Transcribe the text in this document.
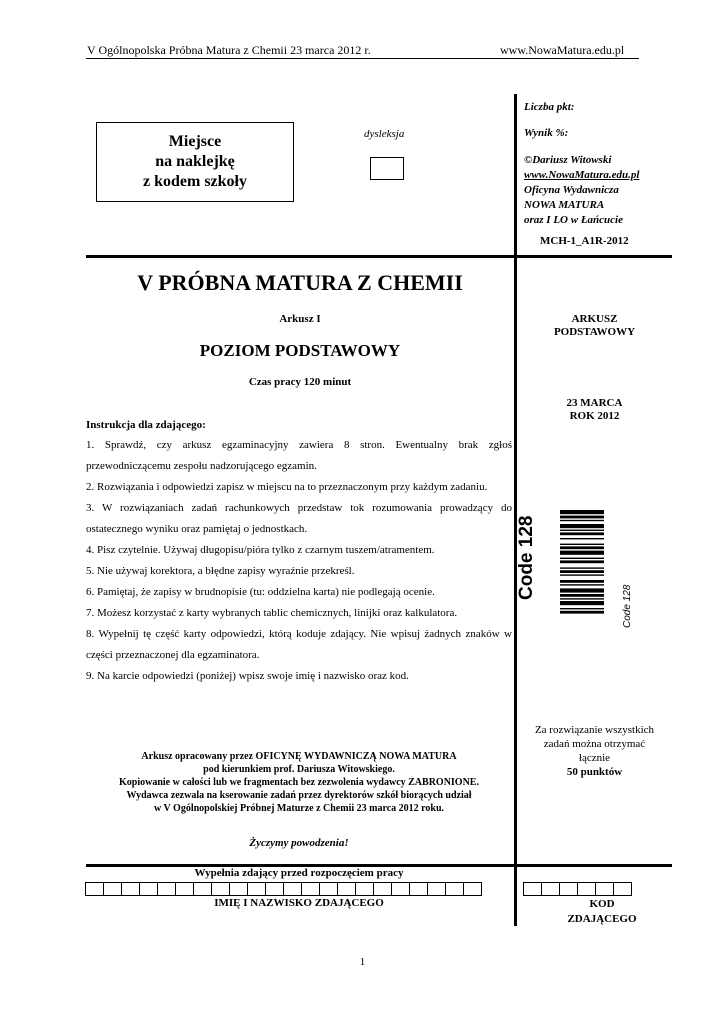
V Ogólnopolska Próbna Matura z Chemii 23 marca 2012 r.	www.NowaMatura.edu.pl
Miejsce
na naklejkę
z kodem szkoły
dysleksja
Liczba pkt:
Wynik %:
©Dariusz Witowski
www.NowaMatura.edu.pl
Oficyna Wydawnicza
NOWA MATURA
oraz I LO w Łańcucie
MCH-1_A1R-2012
V PRÓBNA MATURA Z CHEMII
Arkusz I
POZIOM PODSTAWOWY
Czas pracy 120 minut
ARKUSZ
PODSTAWOWY
23 MARCA
ROK 2012
Instrukcja dla zdającego:

1. Sprawdź, czy arkusz egzaminacyjny zawiera 8 stron. Ewentualny brak zgłoś przewodniczącemu zespołu nadzorującego egzamin.

2. Rozwiązania i odpowiedzi zapisz w miejscu na to przeznaczonym przy każdym zadaniu.

3. W rozwiązaniach zadań rachunkowych przedstaw tok rozumowania prowadzący do ostatecznego wyniku oraz pamiętaj o jednostkach.

4. Pisz czytelnie. Używaj długopisu/pióra tylko z czarnym tuszem/atramentem.

5. Nie używaj korektora, a błędne zapisy wyraźnie przekreśl.

6. Pamiętaj, że zapisy w brudnopisie (tu: oddzielna karta) nie podlegają ocenie.

7. Możesz korzystać z karty wybranych tablic chemicznych, linijki oraz kalkulatora.

8. Wypełnij tę część karty odpowiedzi, którą koduje zdający. Nie wpisuj żadnych znaków w części przeznaczonej dla egzaminatora.

9. Na karcie odpowiedzi (poniżej) wpisz swoje imię i nazwisko oraz kod.

Code 128
Code 128
Za rozwiązanie wszystkich
zadań można otrzymać
łącznie
50 punktów
Arkusz opracowany przez OFICYNĘ WYDAWNICZĄ NOWA MATURA
pod kierunkiem prof. Dariusza Witowskiego.
Kopiowanie w całości lub we fragmentach bez zezwolenia wydawcy ZABRONIONE.
Wydawca zezwala na kserowanie zadań przez dyrektorów szkół biorących udział
w V Ogólnopolskiej Próbnej Maturze z Chemii 23 marca 2012 roku.
Życzymy powodzenia!
Wypełnia zdający przed rozpoczęciem pracy
IMIĘ I NAZWISKO ZDAJĄCEGO	KOD
ZDAJĄCEGO
1
